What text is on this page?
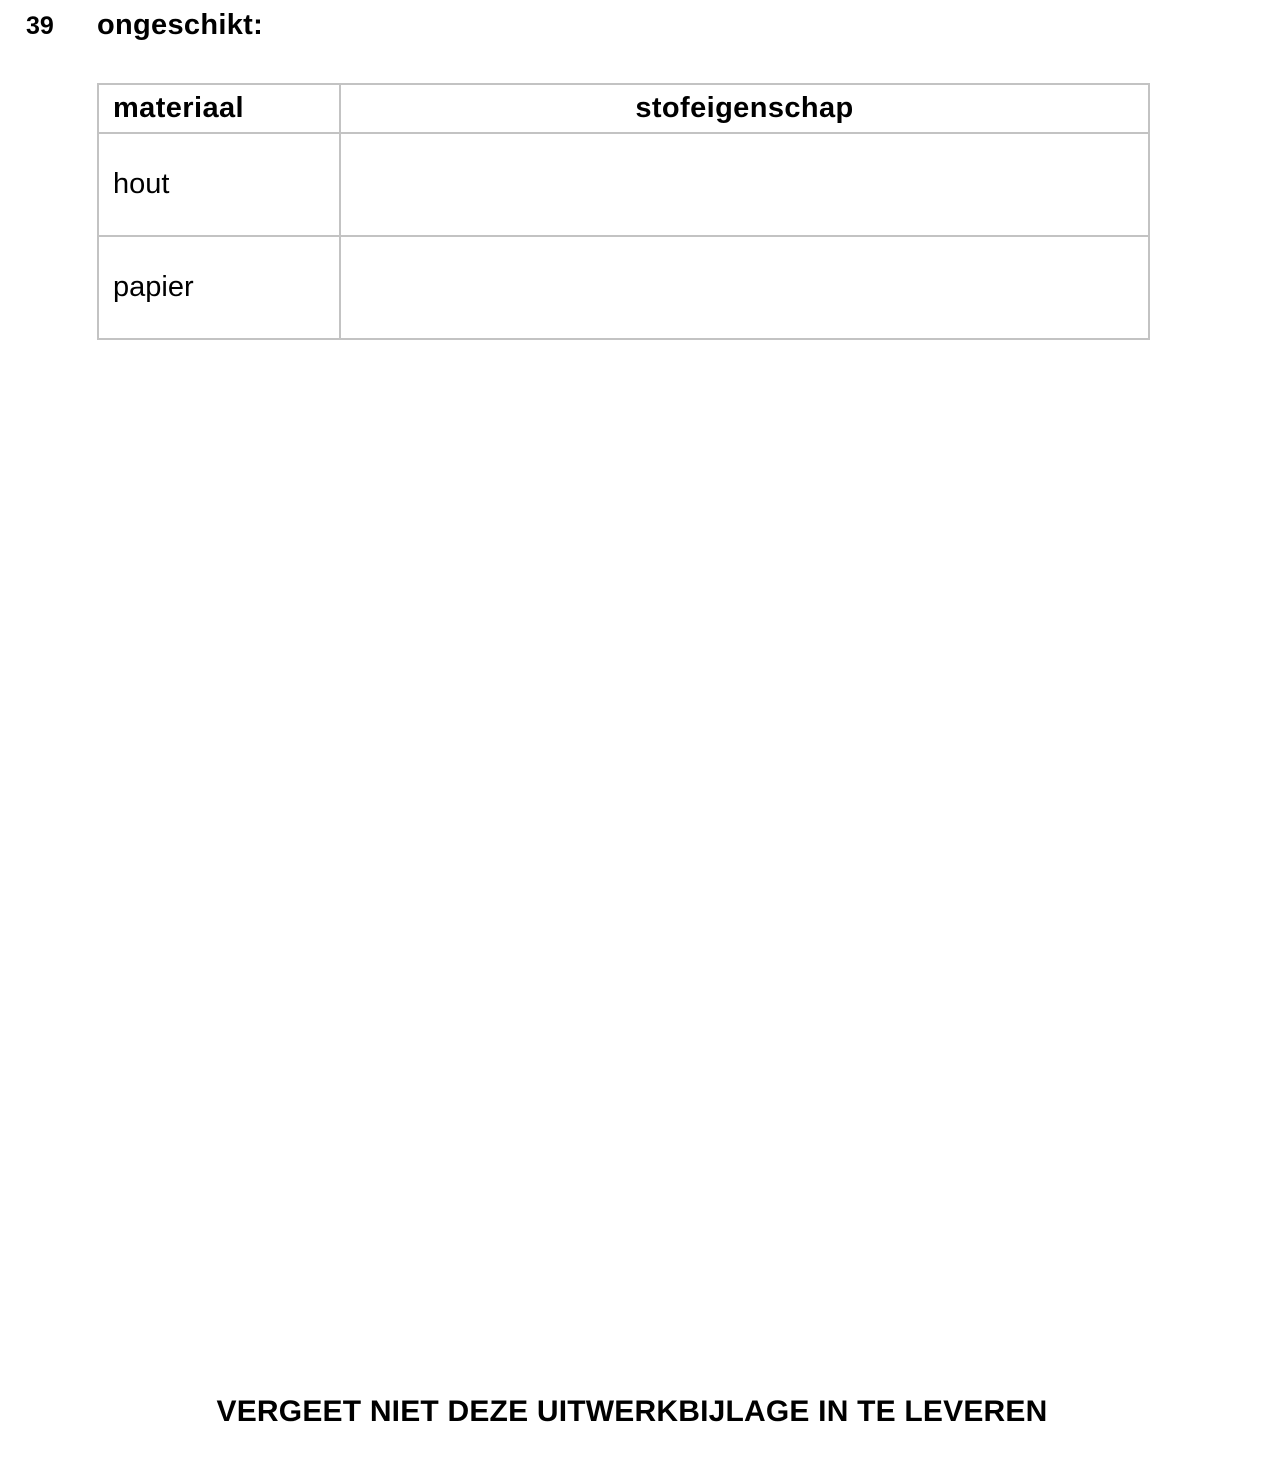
39 ongeschikt:
materiaal	stofeigenschap
hout	
papier	
VERGEET NIET DEZE UITWERKBIJLAGE IN TE LEVEREN
